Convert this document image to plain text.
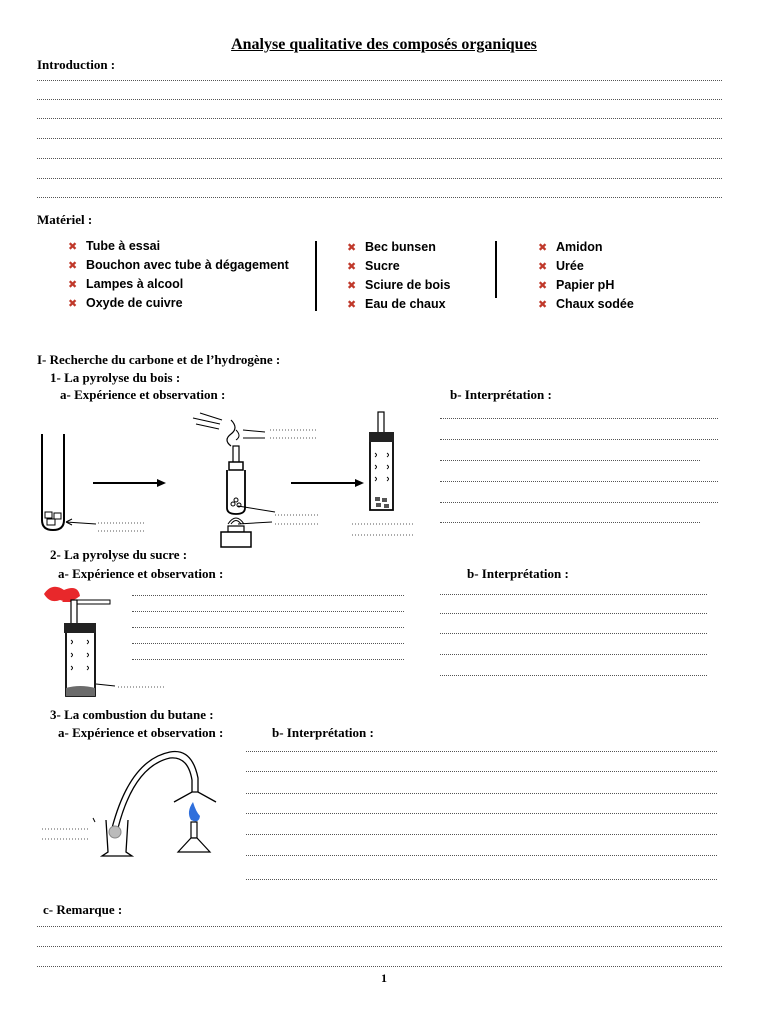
Analyse qualitative des composés organiques
Introduction :
Matériel :
✖ Tube à essai
✖ Bouchon avec tube à dégagement
✖ Lampes à alcool
✖ Oxyde de cuivre
✖ Bec bunsen
✖ Sucre
✖ Sciure de bois
✖ Eau de chaux
✖ Amidon
✖ Urée
✖ Papier pH
✖ Chaux sodée
I- Recherche du carbone et de l’hydrogène :
1- La pyrolyse du bois :
a- Expérience et observation :	b- Interprétation :
2- La pyrolyse du sucre :
a- Expérience et observation :	b- Interprétation :
3- La combustion du butane :
a- Expérience et observation :	b- Interprétation :
c- Remarque :
1
